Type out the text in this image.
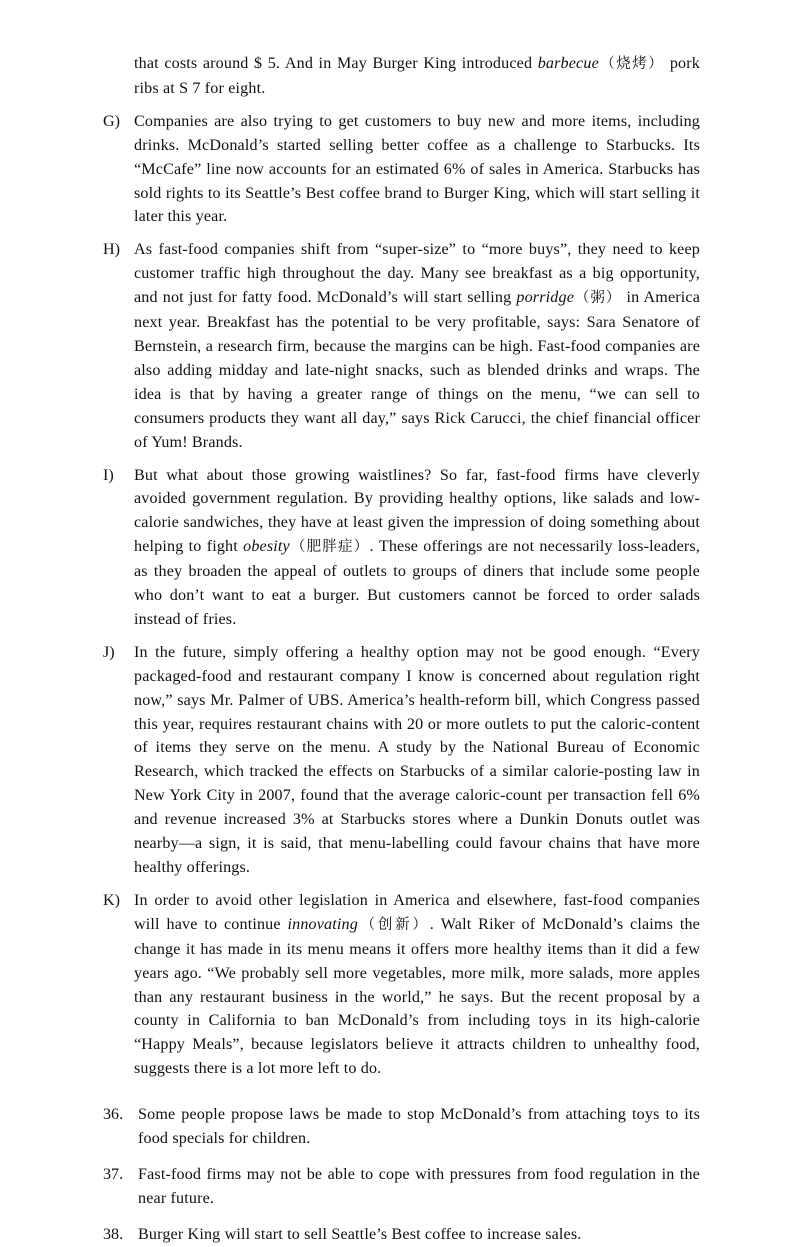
that costs around $ 5. And in May Burger King introduced barbecue（烧烤） pork ribs at S 7 for eight.

G) Companies are also trying to get customers to buy new and more items, including drinks. McDonald’s started selling better coffee as a challenge to Starbucks. Its “McCafe” line now accounts for an estimated 6% of sales in America. Starbucks has sold rights to its Seattle’s Best coffee brand to Burger King, which will start selling it later this year.
H) As fast-food companies shift from “super-size” to “more buys”, they need to keep customer traffic high throughout the day. Many see breakfast as a big opportunity, and not just for fatty food. McDonald’s will start selling porridge（粥） in America next year. Breakfast has the potential to be very profitable, says: Sara Senatore of Bernstein, a research firm, because the margins can be high. Fast-food companies are also adding midday and late-night snacks, such as blended drinks and wraps. The idea is that by having a greater range of things on the menu, “we can sell to consumers products they want all day,” says Rick Carucci, the chief financial officer of Yum! Brands.
I)	But what about those growing waistlines? So far, fast-food firms have cleverly avoided government regulation. By providing healthy options, like salads and low-calorie sandwiches, they have at least given the impression of doing something about helping to fight obesity（肥胖症）. These offerings are not necessarily loss-leaders, as they broaden the appeal of outlets to groups of diners that include some people who don’t want to eat a burger. But customers cannot be forced to order salads instead of fries.
J)	In the future, simply offering a healthy option may not be good enough. “Every packaged-food and restaurant company I know is concerned about regulation right now,” says Mr. Palmer of UBS. America’s health-reform bill, which Congress passed this year, requires restaurant chains with 20 or more outlets to put the caloric-content of items they serve on the menu. A study by the National Bureau of Economic Research, which tracked the effects on Starbucks of a similar calorie-posting law in New York City in 2007, found that the average caloric-count per transaction fell 6% and revenue increased 3% at Starbucks stores where a Dunkin Donuts outlet was nearby—a sign, it is said, that menu-labelling could favour chains that have more healthy offerings.
K) In order to avoid other legislation in America and elsewhere, fast-food companies will have to continue innovating（创新）. Walt Riker of McDonald’s claims the change it has made in its menu means it offers more healthy items than it did a few years ago. “We probably sell more vegetables, more milk, more salads, more apples than any restaurant business in the world,” he says. But the recent proposal by a county in California to ban McDonald’s from including toys in its high-calorie “Happy Meals”, because legislators believe it attracts children to unhealthy food, suggests there is a lot more left to do.
36. Some people propose laws be made to stop McDonald’s from attaching toys to its food specials for children.
37. Fast-food firms may not be able to cope with pressures from food regulation in the near future.
38. Burger King will start to sell Seattle’s Best coffee to increase sales.
